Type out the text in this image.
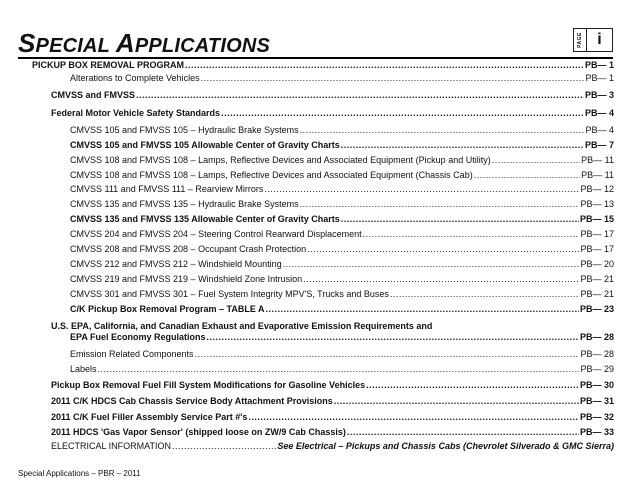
SPECIAL APPLICATIONS	PAGE i
PICKUP BOX REMOVAL PROGRAM .....	PB— 1
Alterations to Complete Vehicles .....	PB— 1
CMVSS and FMVSS .....	PB— 3
Federal Motor Vehicle Safety Standards .....	PB— 4
CMVSS 105 and FMVSS 105 – Hydraulic Brake Systems .....	PB— 4
CMVSS 105 and FMVSS 105 Allowable Center of Gravity Charts .....	PB— 7
CMVSS 108 and FMVSS 108 – Lamps, Reflective Devices and Associated Equipment (Pickup and Utility) .....	PB— 11
CMVSS 108 and FMVSS 108 – Lamps, Reflective Devices and Associated Equipment (Chassis Cab) .....	PB— 11
CMVSS 111 and FMVSS 111 – Rearview Mirrors .....	PB— 12
CMVSS 135 and FMVSS 135 – Hydraulic Brake Systems .....	PB— 13
CMVSS 135 and FMVSS 135 Allowable Center of Gravity Charts .....	PB— 15
CMVSS 204 and FMVSS 204 – Steering Control Rearward Displacement .....	PB— 17
CMVSS 208 and FMVSS 208 – Occupant Crash Protection .....	PB— 17
CMVSS 212 and FMVSS 212 – Windshield Mounting .....	PB— 20
CMVSS 219 and FMVSS 219 – Windshield Zone Intrusion .....	PB— 21
CMVSS 301 and FMVSS 301 – Fuel System Integrity MPV'S, Trucks and Buses .....	PB— 21
C/K Pickup Box Removal Program – TABLE A .....	PB— 23
U.S. EPA, California, and Canadian Exhaust and Evaporative Emission Requirements and
EPA Fuel Economy Regulations .....	PB— 28
Emission Related Components .....	PB— 28
Labels .....	PB— 29
Pickup Box Removal Fuel Fill System Modifications for Gasoline Vehicles .....	PB— 30
2011 C/K HDCS Cab Chassis Service Body Attachment Provisions .....	PB— 31
2011 C/K Fuel Filler Assembly Service Part #'s .....	PB— 32
2011 HDCS 'Gas Vapor Sensor' (shipped loose on ZW/9 Cab Chassis) .....	PB— 33
ELECTRICAL INFORMATION .....	See Electrical – Pickups and Chassis Cabs (Chevrolet Silverado & GMC Sierra)
Special Applications – PBR – 2011
